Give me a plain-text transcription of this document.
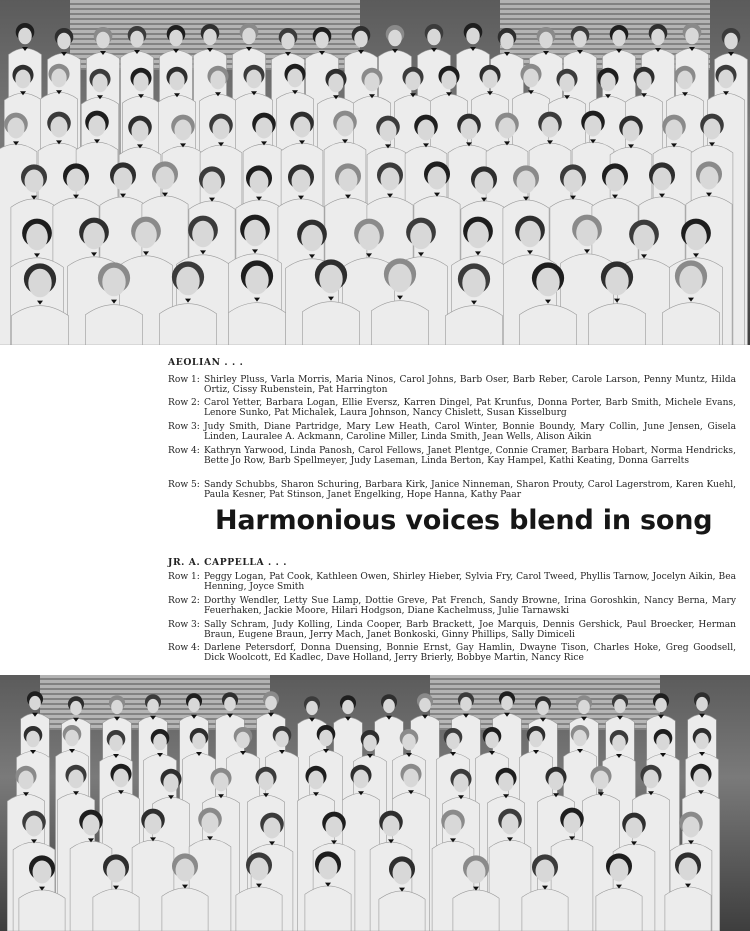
AEOLIAN . . .
Row 1: Shirley Pluss, Varla Morris, Maria Ninos, Carol Johns, Barb Oser, Barb Reber, Carole Larson, Penny Muntz, Hilda Ortiz, Cissy Rubenstein, Pat Harrington
Row 2: Carol Yetter, Barbara Logan, Ellie Eversz, Karren Dingel, Pat Krunfus, Donna Porter, Barb Smith, Michele Evans, Lenore Sunko, Pat Michalek, Laura Johnson, Nancy Chislett, Susan Kisselburg
Row 3: Judy Smith, Diane Partridge, Mary Lew Heath, Carol Winter, Bonnie Boundy, Mary Collin, June Jensen, Gisela Linden, Lauralee A. Ackmann, Caroline Miller, Linda Smith, Jean Wells, Alison Aikin
Row 4: Kathryn Yarwood, Linda Panosh, Carol Fellows, Janet Plentge, Connie Cramer, Barbara Hobart, Norma Hendricks, Bette Jo Row, Barb Spellmeyer, Judy Laseman, Linda Berton, Kay Hampel, Kathi Keating, Donna Garrelts
Row 5: Sandy Schubbs, Sharon Schuring, Barbara Kirk, Janice Ninneman, Sharon Prouty, Carol Lagerstrom, Karen Kuehl, Paula Kesner, Pat Stinson, Janet Engelking, Hope Hanna, Kathy Paar
Harmonious voices blend in song
JR. A. CAPPELLA . . .
Row 1: Peggy Logan, Pat Cook, Kathleen Owen, Shirley Hieber, Sylvia Fry, Carol Tweed, Phyllis Tarnow, Jocelyn Aikin, Bea Henning, Joyce Smith
Row 2: Dorthy Wendler, Letty Sue Lamp, Dottie Greve, Pat French, Sandy Browne, Irina Goroshkin, Nancy Berna, Mary Feuerhaken, Jackie Moore, Hilari Hodgson, Diane Kachelmuss, Julie Tarnawski
Row 3: Sally Schram, Judy Kolling, Linda Cooper, Barb Brackett, Joe Marquis, Dennis Gershick, Paul Broecker, Herman Braun, Eugene Braun, Jerry Mach, Janet Bonkoski, Ginny Phillips, Sally Dimiceli
Row 4: Darlene Petersdorf, Donna Duensing, Bonnie Ernst, Gay Hamlin, Dwayne Tison, Charles Hoke, Greg Goodsell, Dick Woolcott, Ed Kadlec, Dave Holland, Jerry Brierly, Bobbye Martin, Nancy Rice
